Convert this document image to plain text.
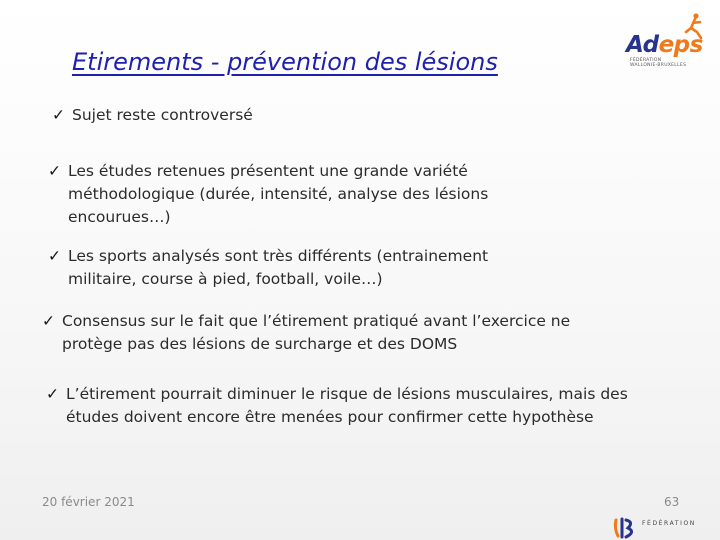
Etirements - prévention des lésions
Adeps
FÉDÉRATION
WALLONIE-BRUXELLES
✓ Sujet reste controversé
✓ Les études retenues présentent une grande variété méthodologique (durée, intensité, analyse des lésions encourues…)
✓ Les sports analysés sont très différents (entrainement militaire, course à pied, football, voile…)
✓ Consensus sur le fait que l’étirement pratiqué avant l’exercice ne protège pas des lésions de surcharge et des DOMS
✓ L’étirement pourrait diminuer le risque de lésions musculaires, mais des études doivent encore être menées pour confirmer cette hypothèse
20 février 2021	63
FÉDÉRATION
